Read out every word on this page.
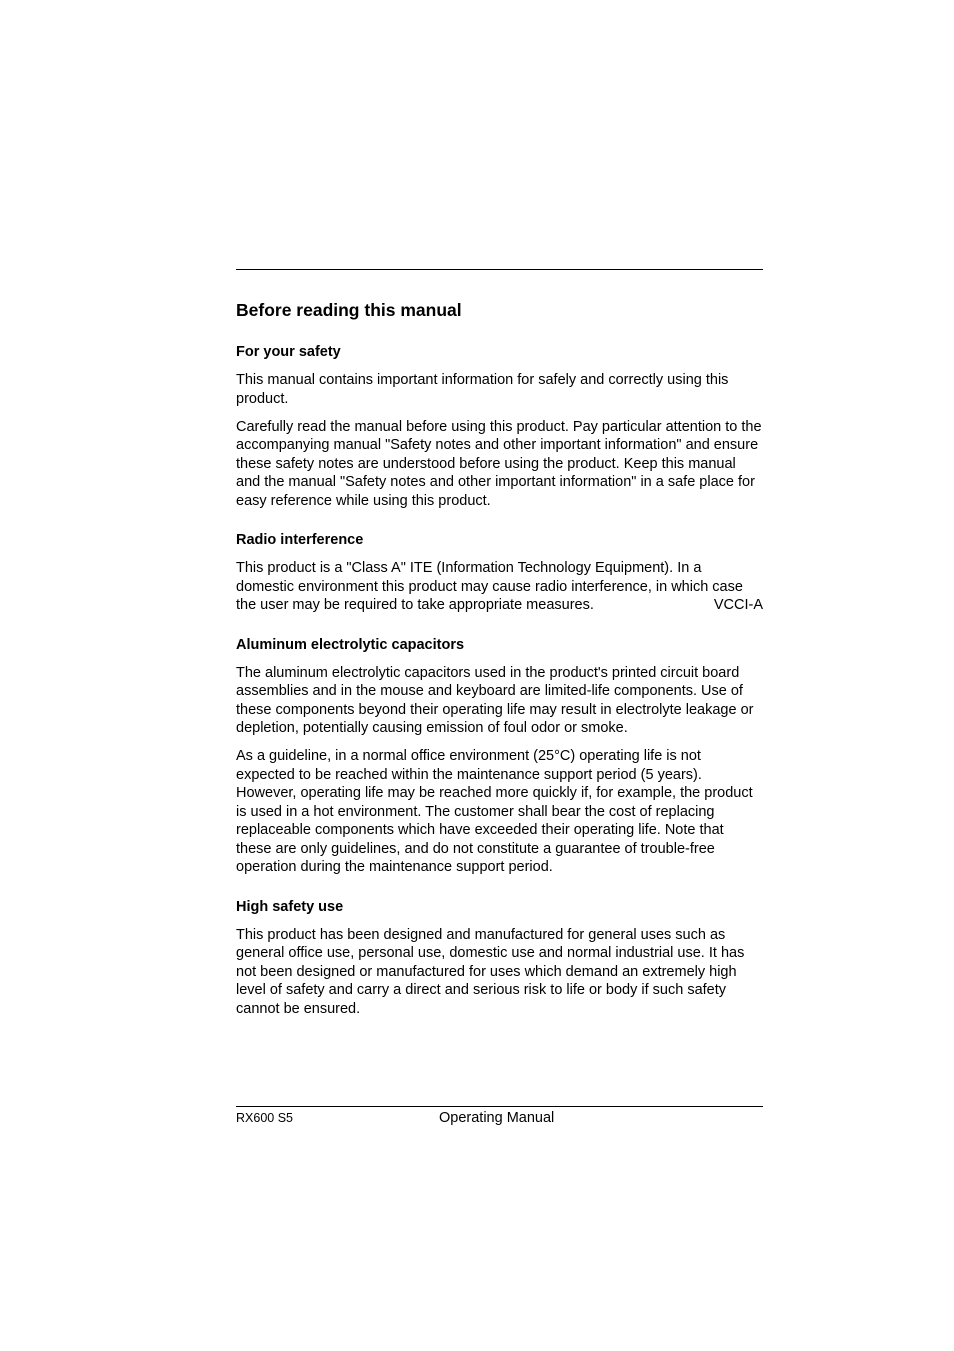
Before reading this manual
For your safety

This manual contains important information for safely and correctly using this product.

Carefully read the manual before using this product. Pay particular attention to the accompanying manual "Safety notes and other important information" and ensure these safety notes are understood before using the product. Keep this manual and the manual "Safety notes and other important information" in a safe place for easy reference while using this product.

Radio interference

This product is a "Class A" ITE (Information Technology Equipment). In a domestic environment this product may cause radio interference, in which case the user may be required to take appropriate measures.	VCCI-A

Aluminum electrolytic capacitors

The aluminum electrolytic capacitors used in the product's printed circuit board assemblies and in the mouse and keyboard are limited-life components. Use of these components beyond their operating life may result in electrolyte leakage or depletion, potentially causing emission of foul odor or smoke.

As a guideline, in a normal office environment (25°C) operating life is not expected to be reached within the maintenance support period (5 years). However, operating life may be reached more quickly if, for example, the product is used in a hot environment. The customer shall bear the cost of replacing replaceable components which have exceeded their operating life. Note that these are only guidelines, and do not constitute a guarantee of trouble-free operation during the maintenance support period.

High safety use

This product has been designed and manufactured for general uses such as general office use, personal use, domestic use and normal industrial use. It has not been designed or manufactured for uses which demand an extremely high level of safety and carry a direct and serious risk to life or body if such safety cannot be ensured.

RX600 S5	Operating Manual
